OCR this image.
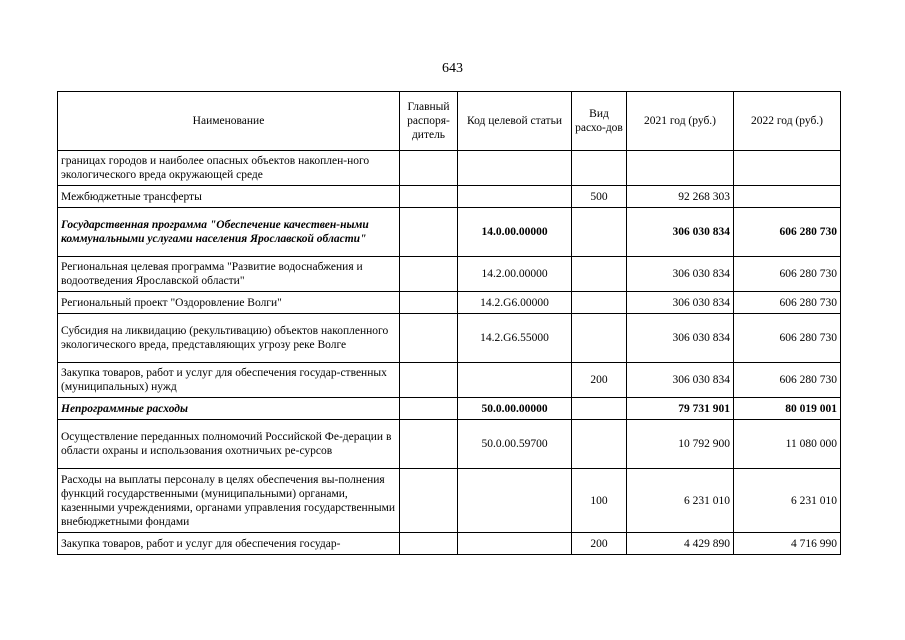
643
Наименование	Главный распоря-дитель	Код целевой статьи	Вид расхо-дов	2021 год (руб.)	2022 год (руб.)
границах городов и наиболее опасных объектов накоплен-ного экологического вреда окружающей среде					
Межбюджетные трансферты			500	92 268 303	
Государственная программа "Обеспечение качествен-ными коммунальными услугами населения Ярославской области"		14.0.00.00000		306 030 834	606 280 730
Региональная целевая программа "Развитие водоснабжения и водоотведения Ярославской области"		14.2.00.00000		306 030 834	606 280 730
Региональный проект "Оздоровление Волги"		14.2.G6.00000		306 030 834	606 280 730
Субсидия на ликвидацию (рекультивацию) объектов накопленного экологического вреда, представляющих угрозу реке Волге		14.2.G6.55000		306 030 834	606 280 730
Закупка товаров, работ и услуг для обеспечения государ-ственных (муниципальных) нужд			200	306 030 834	606 280 730
Непрограммные расходы		50.0.00.00000		79 731 901	80 019 001
Осуществление переданных полномочий Российской Фе-дерации в области охраны и использования охотничьих ре-сурсов		50.0.00.59700		10 792 900	11 080 000
Расходы на выплаты персоналу в целях обеспечения вы-полнения функций государственными (муниципальными) органами, казенными учреждениями, органами управления государственными внебюджетными фондами			100	6 231 010	6 231 010
Закупка товаров, работ и услуг для обеспечения государ-			200	4 429 890	4 716 990
